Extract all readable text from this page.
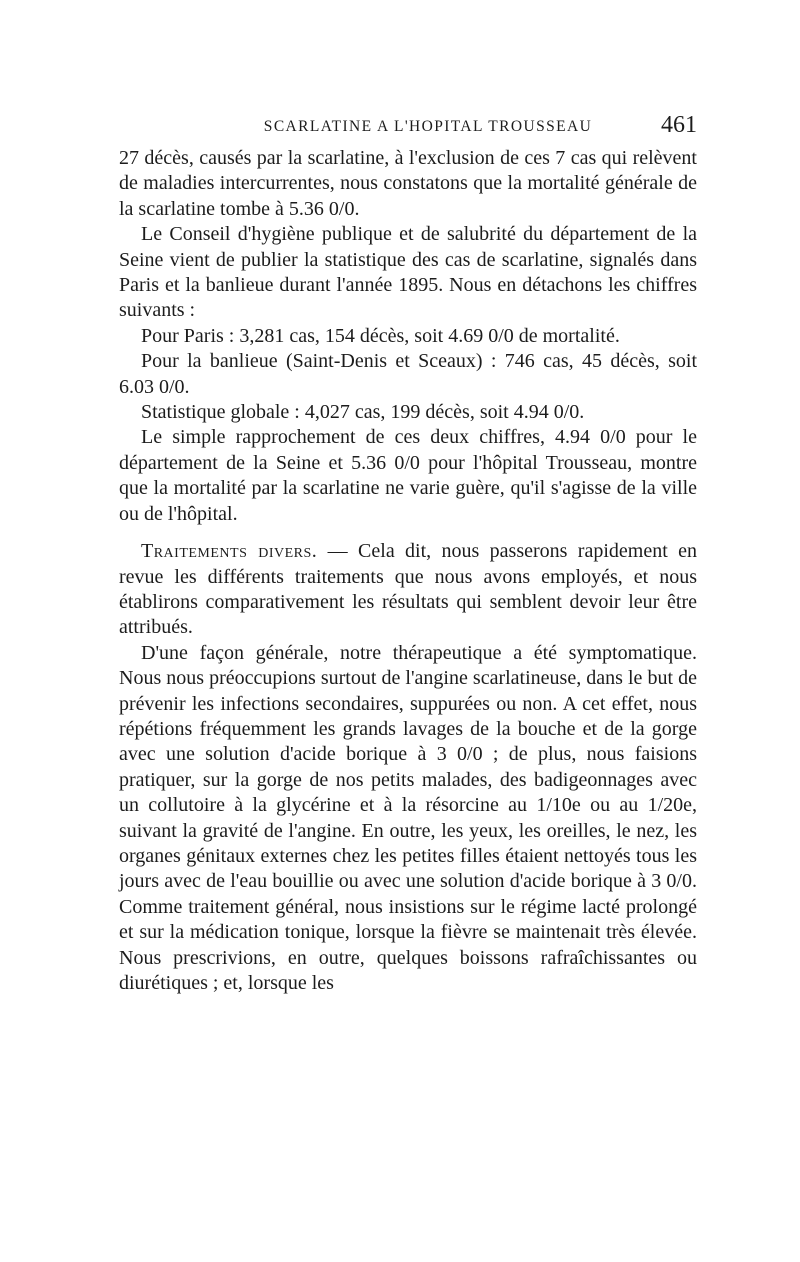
SCARLATINE A L'HOPITAL TROUSSEAU	461

27 décès, causés par la scarlatine, à l'exclusion de ces 7 cas qui relèvent de maladies intercurrentes, nous constatons que la mortalité générale de la scarlatine tombe à 5.36 0/0.

Le Conseil d'hygiène publique et de salubrité du département de la Seine vient de publier la statistique des cas de scarlatine, signalés dans Paris et la banlieue durant l'année 1895. Nous en détachons les chiffres suivants :

Pour Paris : 3,281 cas, 154 décès, soit 4.69 0/0 de mortalité.

Pour la banlieue (Saint-Denis et Sceaux) : 746 cas, 45 décès, soit 6.03 0/0.

Statistique globale : 4,027 cas, 199 décès, soit 4.94 0/0.

Le simple rapprochement de ces deux chiffres, 4.94 0/0 pour le département de la Seine et 5.36 0/0 pour l'hôpital Trousseau, montre que la mortalité par la scarlatine ne varie guère, qu'il s'agisse de la ville ou de l'hôpital.

Traitements divers. — Cela dit, nous passerons rapidement en revue les différents traitements que nous avons employés, et nous établirons comparativement les résultats qui semblent devoir leur être attribués.

D'une façon générale, notre thérapeutique a été symptomatique. Nous nous préoccupions surtout de l'angine scarlatineuse, dans le but de prévenir les infections secondaires, suppurées ou non. A cet effet, nous répétions fréquemment les grands lavages de la bouche et de la gorge avec une solution d'acide borique à 3 0/0 ; de plus, nous faisions pratiquer, sur la gorge de nos petits malades, des badigeonnages avec un collutoire à la glycérine et à la résorcine au 1/10e ou au 1/20e, suivant la gravité de l'angine. En outre, les yeux, les oreilles, le nez, les organes génitaux externes chez les petites filles étaient nettoyés tous les jours avec de l'eau bouillie ou avec une solution d'acide borique à 3 0/0. Comme traitement général, nous insistions sur le régime lacté prolongé et sur la médication tonique, lorsque la fièvre se maintenait très élevée. Nous prescrivions, en outre, quelques boissons rafraîchissantes ou diurétiques ; et, lorsque les
